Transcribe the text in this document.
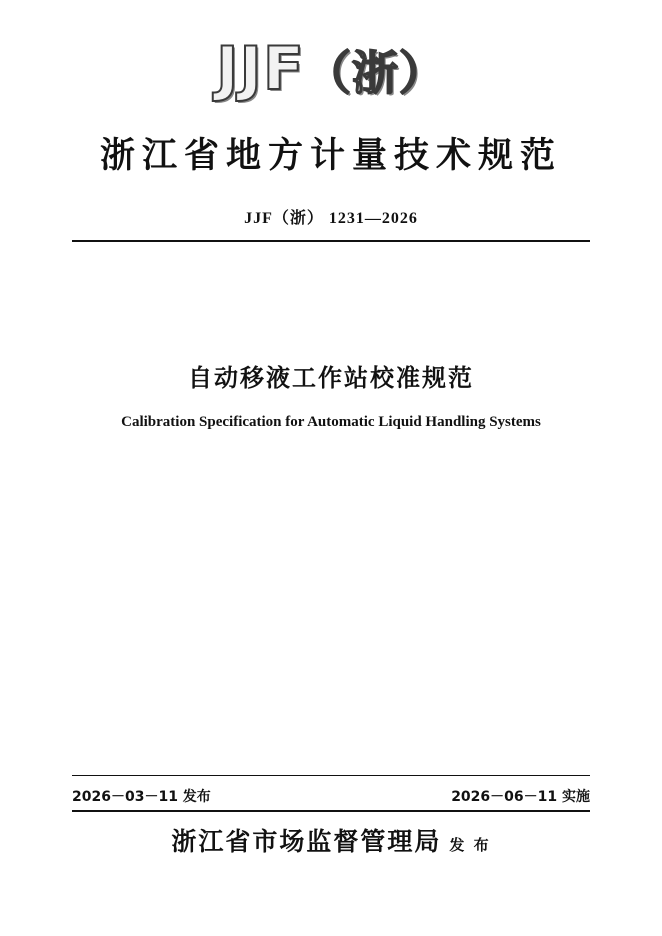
JJF（浙）
浙江省地方计量技术规范
JJF（浙） 1231—2026
自动移液工作站校准规范
Calibration Specification for Automatic Liquid Handling Systems
2026－03－11 发布	2026－06－11 实施
浙江省市场监督管理局 发 布
